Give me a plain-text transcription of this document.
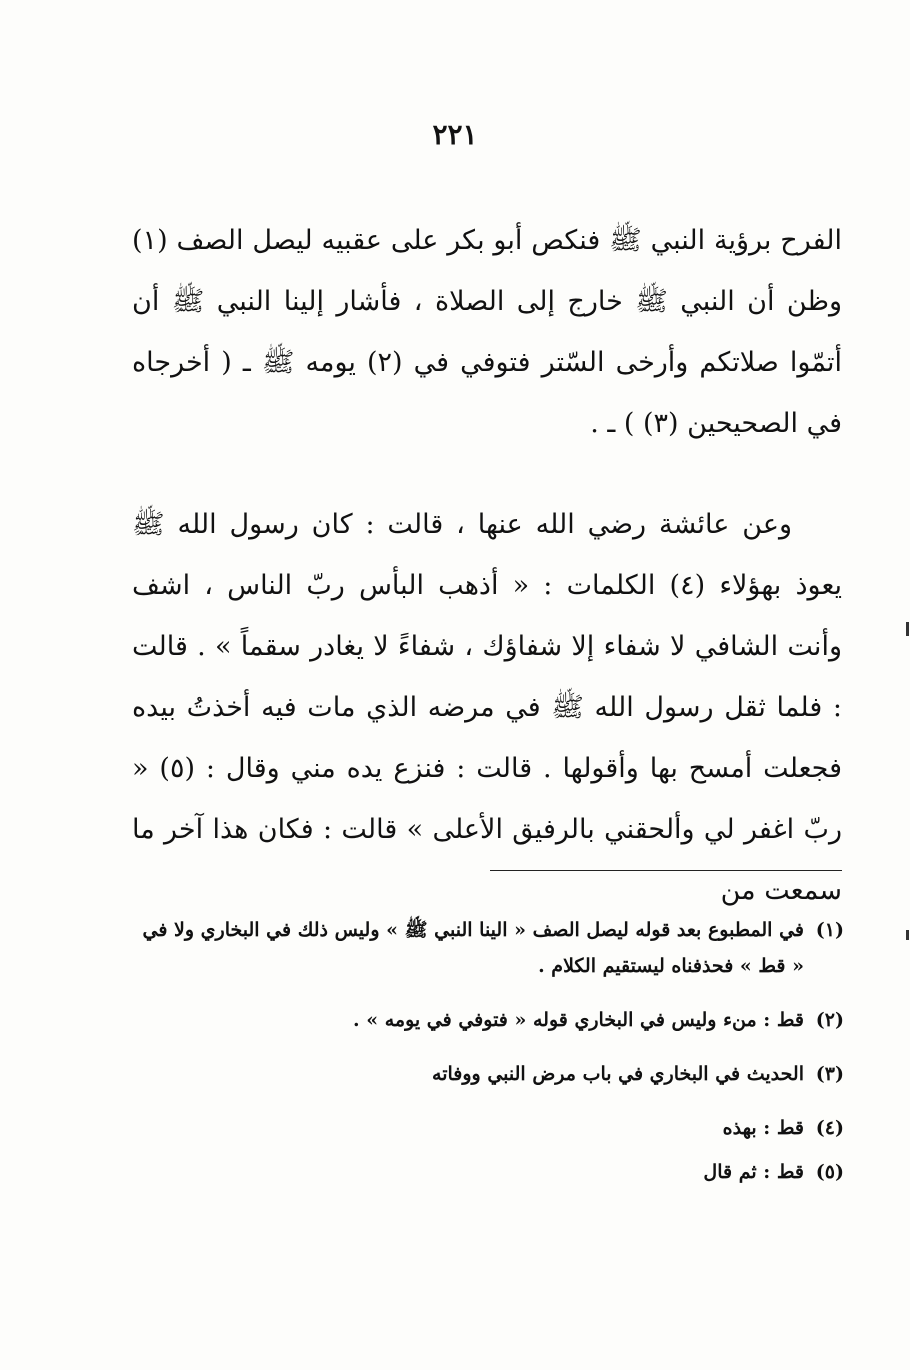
٢٢١

الفرح برؤية النبي ﷺ فنكص أبو بكر على عقبيه ليصل الصف (١) وظن أن النبي ﷺ خارج إلى الصلاة ، فأشار إلينا النبي ﷺ أن أتمّوا صلاتكم وأرخى السّتر فتوفي في (٢) يومه ﷺ ـ ( أخرجاه في الصحيحين (٣) ) ـ .

وعن عائشة رضي الله عنها ، قالت : كان رسول الله ﷺ يعوذ بهؤلاء (٤) الكلمات : « أذهب البأس ربّ الناس ، اشف وأنت الشافي لا شفاء إلا شفاؤك ، شفاءً لا يغادر سقماً » . قالت : فلما ثقل رسول الله ﷺ في مرضه الذي مات فيه أخذتُ بيده فجعلت أمسح بها وأقولها . قالت : فنزع يده مني وقال : (٥) « ربّ اغفر لي وألحقني بالرفيق الأعلى » قالت : فكان هذا آخر ما سمعت من

(١)
في المطبوع بعد قوله ليصل الصف « الينا النبي ﷺ » وليس ذلك في البخاري ولا في « قط » فحذفناه ليستقيم الكلام .
(٢)
قط : منء وليس في البخاري قوله « فتوفي في يومه » .
(٣)
الحديث في البخاري في باب مرض النبي ووفاته
(٤)
قط : بهذه
(٥)
قط : ثم قال
